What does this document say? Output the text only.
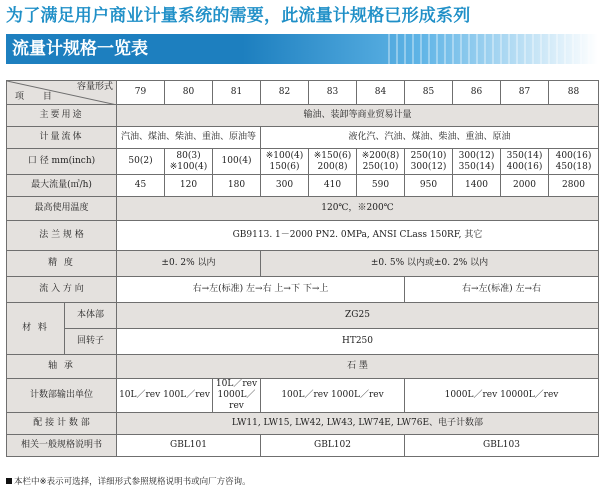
为了满足用户商业计量系统的需要，此流量计规格已形成系列
流量计规格一览表
容量形式
项 目		79	80	81	82	83	84	85	86	87	88
主要用途		输油、装卸等商业贸易计量									
计量流体		汽油、煤油、柴油、重油、原油等			液化汽、汽油、煤油、柴油、重油、原油						
口 径 mm(inch)		50(2)	80(3) ※100(4)	100(4)	※100(4) 150(6)	※150(6) 200(8)	※200(8) 250(10)	250(10) 300(12)	300(12) 350(14)	350(14) 400(16)	400(16) 450(18)
最大流量(㎥/h)		45	120	180	300	410	590	950	1400	2000	2800
最高使用温度		120℃，※200℃									
法 兰 规 格		GB9113. 1－2000 PN2. 0MPa, ANSI CLass 150RF, 其它									
精 度		±0. 2% 以内			±0. 5% 以内或±0. 2% 以内						
流 入 方 向		右→左(标准) 左→右 上→下 下→上						右→左(标准) 左→右			
材 料	本体部	ZG25									
	回转子	HT250									
轴 承		石 墨									
计数部输出单位		10L／rev 100L／rev		10L／rev 1000L／rev	100L／rev 1000L／rev			1000L／rev 10000L／rev			
配 接 计 数 部		LW11, LW15, LW42, LW43, LW74E, LW76E、电子计数部									
相关一般规格说明书		GBL101			GBL102			GBL103			
本栏中※表示可选择，详细形式参照规格说明书或向厂方咨询。
